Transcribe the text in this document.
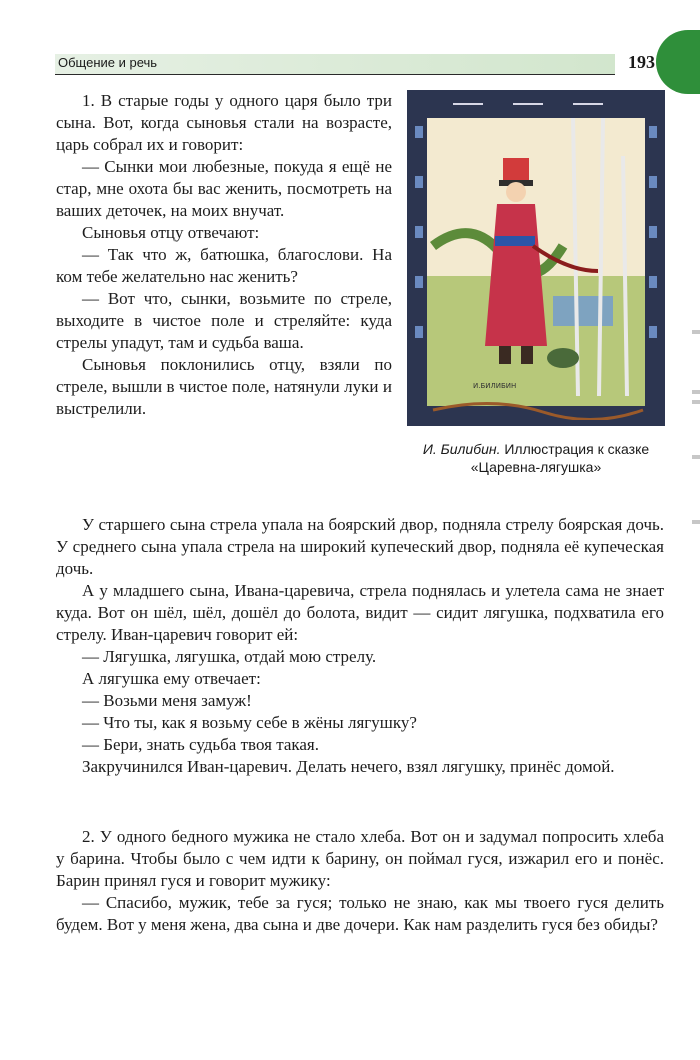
Общение и речь	193

1. В старые годы у одного царя было три сына. Вот, когда сыновья стали на возрасте, царь собрал их и говорит:

— Сынки мои любезные, покуда я ещё не стар, мне охота бы вас женить, посмотреть на ваших деточек, на моих внучат.

Сыновья отцу отвечают:

— Так что ж, батюшка, благослови. На ком тебе желательно нас женить?

— Вот что, сынки, возьмите по стреле, выходите в чистое поле и стреляйте: куда стрелы упадут, там и судьба ваша.

Сыновья поклонились отцу, взяли по стреле, вышли в чистое поле, натянули луки и выстрелили.

И.БИЛИБИН
И. Билибин. Иллюстрация к сказке «Царевна-лягушка»

У старшего сына стрела упала на боярский двор, подняла стрелу боярская дочь. У среднего сына упала стрела на широкий купеческий двор, подняла её купеческая дочь.

А у младшего сына, Ивана-царевича, стрела поднялась и улетела сама не знает куда. Вот он шёл, шёл, дошёл до болота, видит — сидит лягушка, подхватила его стрелу. Иван-царевич говорит ей:

— Лягушка, лягушка, отдай мою стрелу.

А лягушка ему отвечает:

— Возьми меня замуж!

— Что ты, как я возьму себе в жёны лягушку?

— Бери, знать судьба твоя такая.

Закручинился Иван-царевич. Делать нечего, взял лягушку, принёс домой.

2. У одного бедного мужика не стало хлеба. Вот он и задумал попросить хлеба у барина. Чтобы было с чем идти к барину, он поймал гуся, изжарил его и понёс. Барин принял гуся и говорит мужику:

— Спасибо, мужик, тебе за гуся; только не знаю, как мы твоего гуся делить будем. Вот у меня жена, два сына и две дочери. Как нам разделить гуся без обиды?
